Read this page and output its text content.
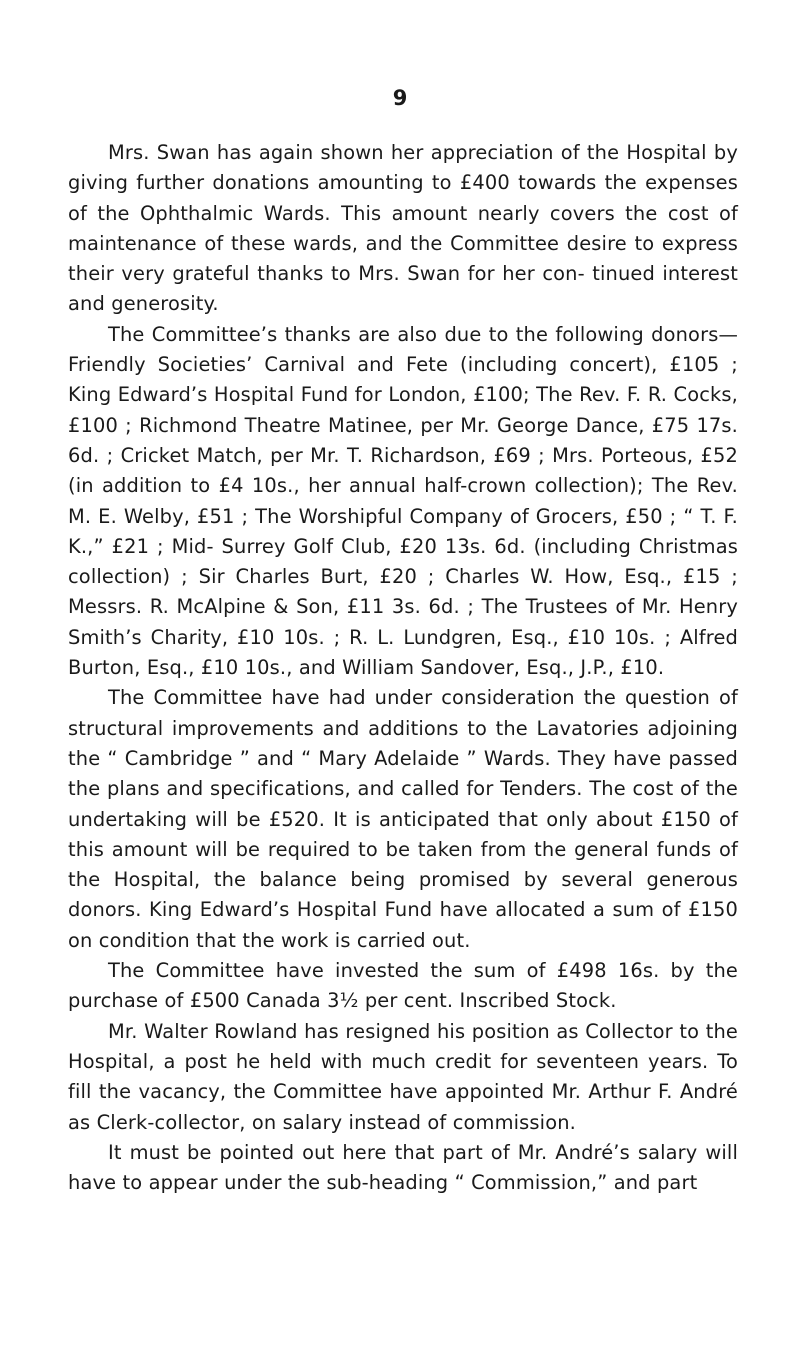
9

Mrs. Swan has again shown her appreciation of the Hospital by giving further donations amounting to £400 towards the expenses of the Ophthalmic Wards. This amount nearly covers the cost of maintenance of these wards, and the Committee desire to express their very grateful thanks to Mrs. Swan for her con- tinued interest and generosity.

The Committee’s thanks are also due to the following donors— Friendly Societies’ Carnival and Fete (including concert), £105 ; King Edward’s Hospital Fund for London, £100; The Rev. F. R. Cocks, £100 ; Richmond Theatre Matinee, per Mr. George Dance, £75 17s. 6d. ; Cricket Match, per Mr. T. Richardson, £69 ; Mrs. Porteous, £52 (in addition to £4 10s., her annual half-crown collection); The Rev. M. E. Welby, £51 ; The Worshipful Company of Grocers, £50 ; “ T. F. K.,” £21 ; Mid- Surrey Golf Club, £20 13s. 6d. (including Christmas collection) ; Sir Charles Burt, £20 ; Charles W. How, Esq., £15 ; Messrs. R. McAlpine & Son, £11 3s. 6d. ; The Trustees of Mr. Henry Smith’s Charity, £10 10s. ; R. L. Lundgren, Esq., £10 10s. ; Alfred Burton, Esq., £10 10s., and William Sandover, Esq., J.P., £10.

The Committee have had under consideration the question of structural improvements and additions to the Lavatories adjoining the “ Cambridge ” and “ Mary Adelaide ” Wards. They have passed the plans and specifications, and called for Tenders. The cost of the undertaking will be £520. It is anticipated that only about £150 of this amount will be required to be taken from the general funds of the Hospital, the balance being promised by several generous donors. King Edward’s Hospital Fund have allocated a sum of £150 on condition that the work is carried out.

The Committee have invested the sum of £498 16s. by the purchase of £500 Canada 3½ per cent. Inscribed Stock.

Mr. Walter Rowland has resigned his position as Collector to the Hospital, a post he held with much credit for seventeen years. To fill the vacancy, the Committee have appointed Mr. Arthur F. André as Clerk-collector, on salary instead of commission.

It must be pointed out here that part of Mr. André’s salary will have to appear under the sub-heading “ Commission,” and part
